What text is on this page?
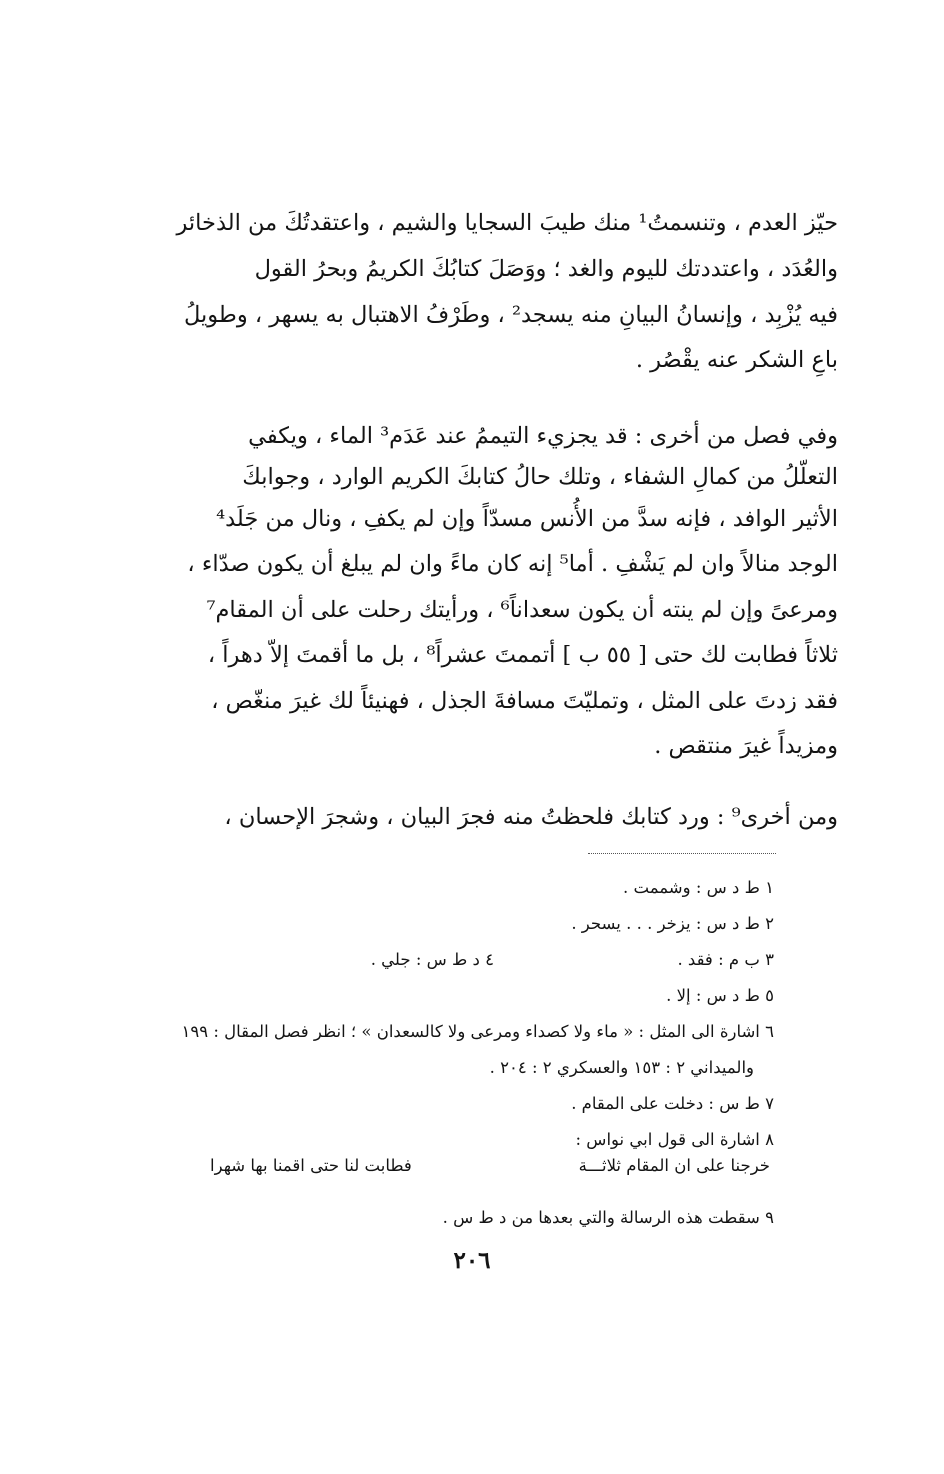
حيّز العدم ، وتنسمتُ¹ منك طيبَ السجايا والشيم ، واعتقدتُكَ من الذخائر
والعُدَد ، واعتددتك لليوم والغد ؛ ووَصَلَ كتابُكَ الكريمُ وبحرُ القول
فيه يُزْبِد ، وإنسانُ البيانِ منه يسجد² ، وطَرْفُ الاهتبال به يسهر ، وطويلُ
باعِ الشكر عنه يقْصُر .
وفي فصل من أخرى : قد يجزيء التيممُ عند عَدَم³ الماء ، ويكفي
التعلّلُ من كمالِ الشفاء ، وتلك حالُ كتابكَ الكريم الوارد ، وجوابكَ
الأثير الوافد ، فإنه سدَّ من الأُنس مسدّاً وإن لم يكفِ ، ونال من جَلَد⁴
الوجد منالاً وان لم يَشْفِ . أما⁵ إنه كان ماءً وان لم يبلغ أن يكون صدّاء ،
ومرعىً وإن لم ينته أن يكون سعداناً⁶ ، ورأيتك رحلت على أن المقام⁷
ثلاثاً فطابت لك حتى [ ٥٥ ب ] أتممتَ عشراً⁸ ، بل ما أقمتَ إلاّ دهراً ،
فقد زدتَ على المثل ، وتمليّتَ مسافةَ الجذل ، فهنيئاً لك غيرَ منغّص ،
ومزيداً غيرَ منتقص .
ومن أخرى⁹ : ورد كتابك فلحظتُ منه فجرَ البيان ، وشجرَ الإحسان ،
١ ط د س : وشممت .
٢ ط د س : يزخر . . . يسحر .
٣ ب م : فقد .
٤ د ط س : جلي .
٥ ط د س : إلا .
٦ اشارة الى المثل : « ماء ولا كصداء ومرعى ولا كالسعدان » ؛ انظر فصل المقال : ١٩٩
والميداني ٢ : ١٥٣ والعسكري ٢ : ٢٠٤ .
٧ ط س : دخلت على المقام .
٨ اشارة الى قول ابي نواس :
خرجنا على ان المقام ثلاثـــة
فطابت لنا حتى اقمنا بها شهرا
٩ سقطت هذه الرسالة والتي بعدها من د ط س .
٢٠٦
